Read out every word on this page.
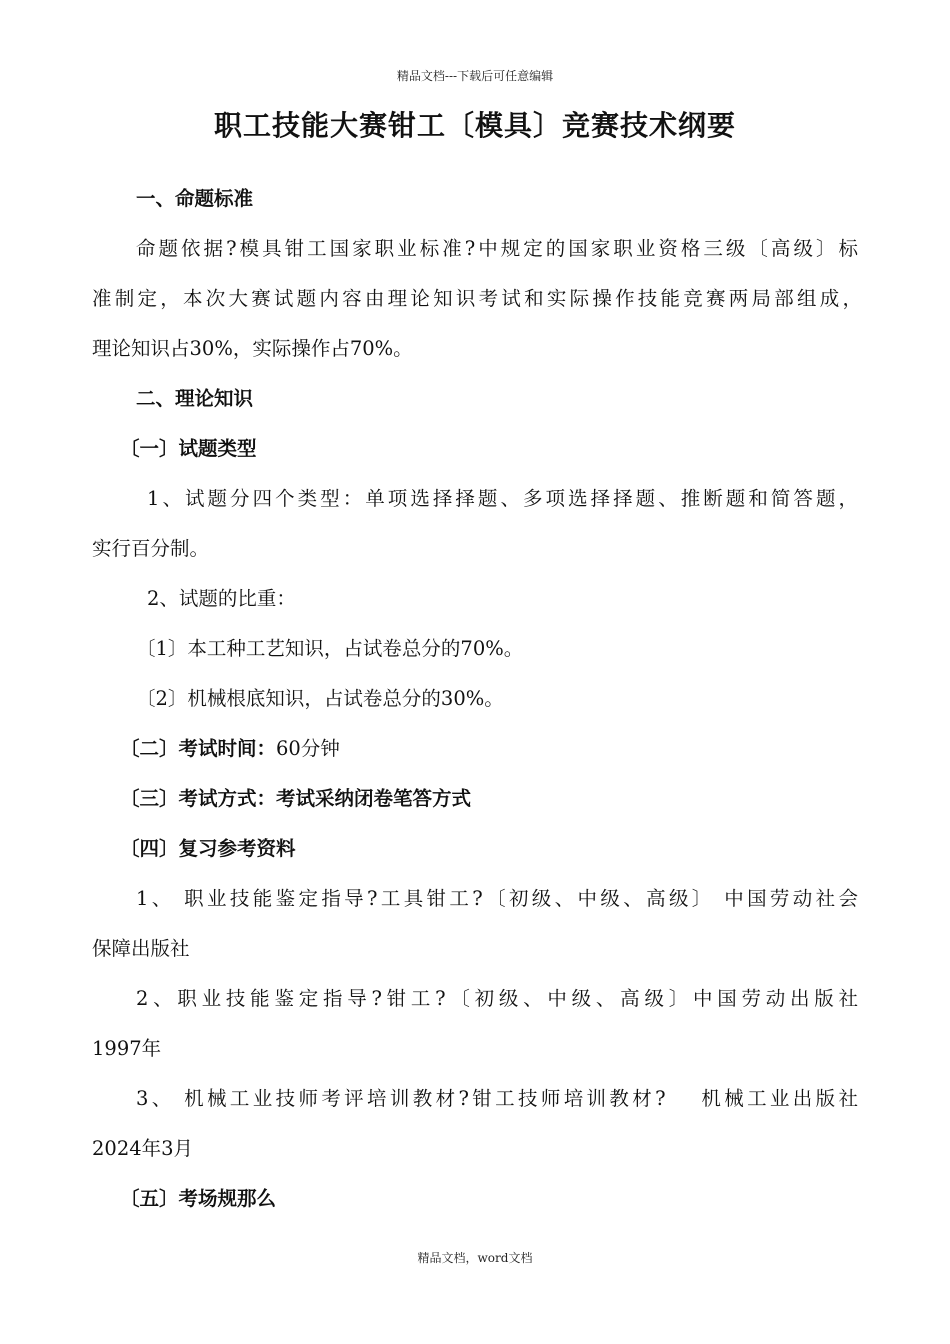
精品文档---下载后可任意编辑
职工技能大赛钳工〔模具〕竞赛技术纲要
一、命题标准
命题依据?模具钳工国家职业标准?中规定的国家职业资格三级〔高级〕标
准制定，本次大赛试题内容由理论知识考试和实际操作技能竞赛两局部组成，
理论知识占30%，实际操作占70%。
二、理论知识
〔一〕试题类型
1、试题分四个类型：单项选择择题、多项选择择题、推断题和简答题，
实行百分制。
2、试题的比重：
〔1〕本工种工艺知识，占试卷总分的70%。
〔2〕机械根底知识，占试卷总分的30%。
〔二〕考试时间：60分钟
〔三〕考试方式：考试采纳闭卷笔答方式
〔四〕复习参考资料
1、 职业技能鉴定指导?工具钳工?〔初级、中级、高级〕 中国劳动社会
保障出版社
2、职业技能鉴定指导?钳工?〔初级、中级、高级〕中国劳动出版社
1997年
3、 机械工业技师考评培训教材?钳工技师培训教材?　 机械工业出版社
2024年3月
〔五〕考场规那么
精品文档，word文档
